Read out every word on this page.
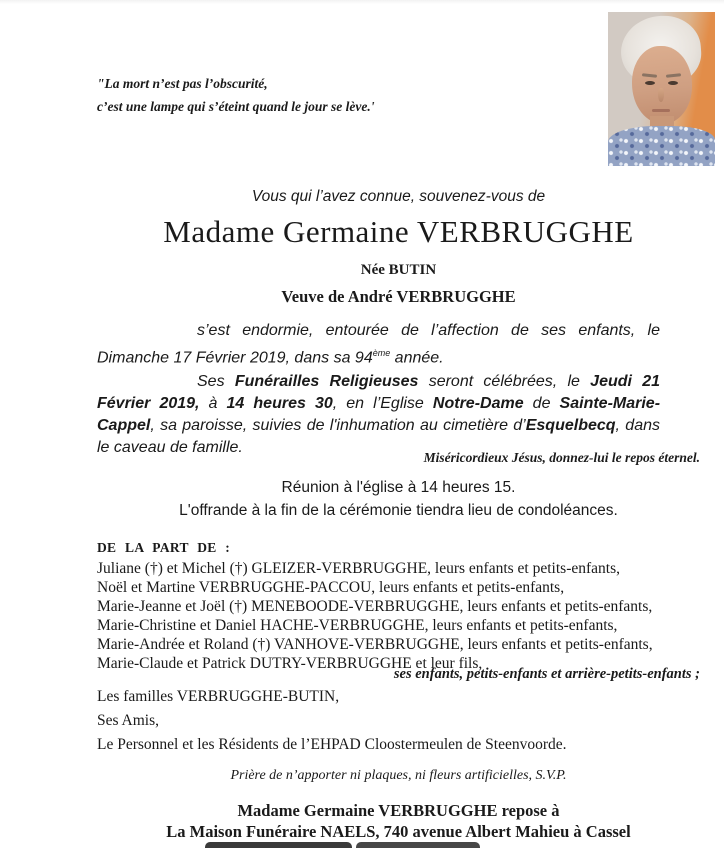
"La mort n’est pas l’obscurité,
c’est une lampe qui s’éteint quand le jour se lève.'
Vous qui l’avez connue, souvenez-vous de
Madame Germaine VERBRUGGHE
Née BUTIN
Veuve de André VERBRUGGHE
s’est endormie, entourée de l’affection de ses enfants, le Dimanche 17 Février 2019, dans sa 94ème année.
Ses Funérailles Religieuses seront célébrées, le Jeudi 21 Février 2019, à 14 heures 30, en l’Eglise Notre-Dame de Sainte-Marie-Cappel, sa paroisse, suivies de l'inhumation au cimetière d’Esquelbecq, dans le caveau de famille.
Miséricordieux Jésus, donnez-lui le repos éternel.
Réunion à l'église à 14 heures 15.
L'offrande à la fin de la cérémonie tiendra lieu de condoléances.
DE LA PART DE :
Juliane (†) et Michel (†) GLEIZER-VERBRUGGHE, leurs enfants et petits-enfants,
Noël et Martine VERBRUGGHE-PACCOU, leurs enfants et petits-enfants,
Marie-Jeanne et Joël (†) MENEBOODE-VERBRUGGHE, leurs enfants et petits-enfants,
Marie-Christine et Daniel HACHE-VERBRUGGHE, leurs enfants et petits-enfants,
Marie-Andrée et Roland (†) VANHOVE-VERBRUGGHE, leurs enfants et petits-enfants,
Marie-Claude et Patrick DUTRY-VERBRUGGHE et leur fils,
ses enfants, petits-enfants et arrière-petits-enfants ;
Les familles VERBRUGGHE-BUTIN,
Ses Amis,
Le Personnel et les Résidents de l’EHPAD Cloostermeulen de Steenvoorde.
Prière de n’apporter ni plaques, ni fleurs artificielles, S.V.P.
Madame Germaine VERBRUGGHE repose à
La Maison Funéraire NAELS, 740 avenue Albert Mahieu à Cassel
